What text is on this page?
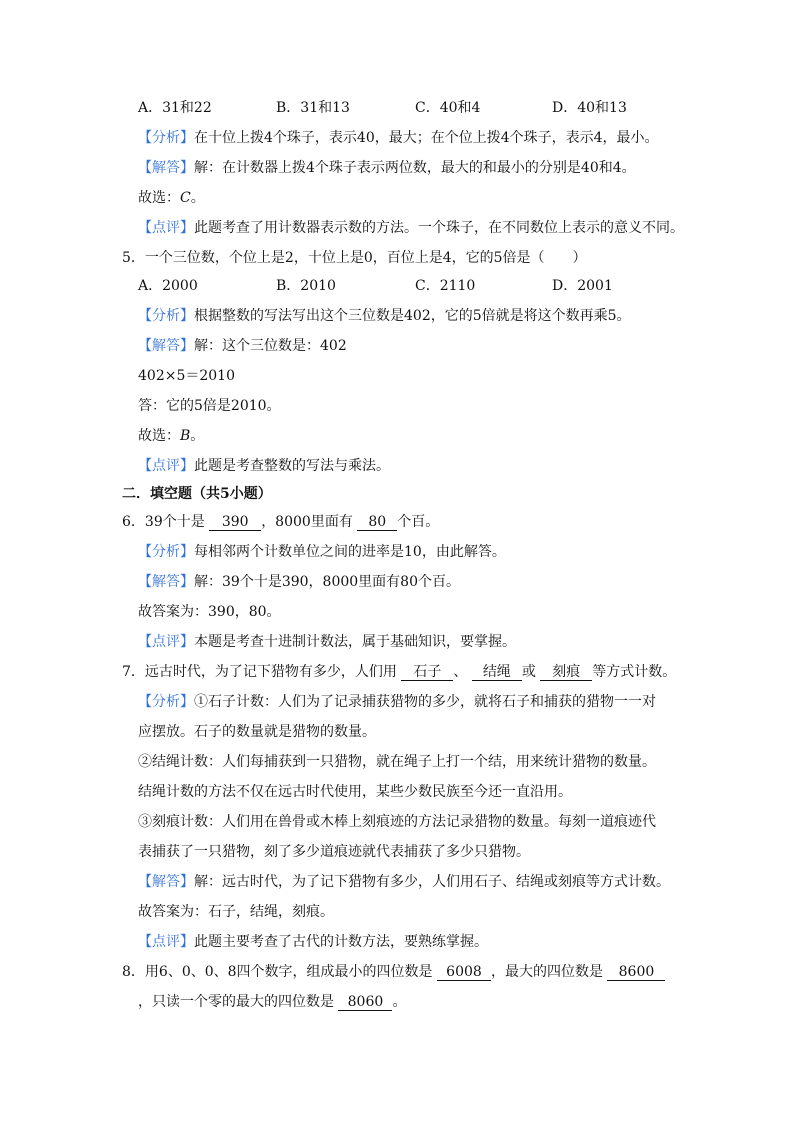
A．31和22	B．31和13	C．40和4	D．40和13
【分析】在十位上拨4个珠子，表示40，最大；在个位上拨4个珠子，表示4，最小。
【解答】解：在计数器上拨4个珠子表示两位数，最大的和最小的分别是40和4。
故选：C。
【点评】此题考查了用计数器表示数的方法。一个珠子，在不同数位上表示的意义不同。
5．一个三位数，个位上是2，十位上是0，百位上是4，它的5倍是（　　）
A．2000	B．2010	C．2110	D．2001
【分析】根据整数的写法写出这个三位数是402，它的5倍就是将这个数再乘5。
【解答】解：这个三位数是：402
402×5＝2010
答：它的5倍是2010。
故选：B。
【点评】此题是考查整数的写法与乘法。
二．填空题（共5小题）
6．39个十是 390 ，8000里面有 80 个百。
【分析】每相邻两个计数单位之间的进率是10，由此解答。
【解答】解：39个十是390，8000里面有80个百。
故答案为：390，80。
【点评】本题是考查十进制计数法，属于基础知识，要掌握。
7．远古时代，为了记下猎物有多少，人们用 石子 、 结绳 或 刻痕 等方式计数。
【分析】①石子计数：人们为了记录捕获猎物的多少，就将石子和捕获的猎物一一对
应摆放。石子的数量就是猎物的数量。
②结绳计数：人们每捕获到一只猎物，就在绳子上打一个结，用来统计猎物的数量。
结绳计数的方法不仅在远古时代使用，某些少数民族至今还一直沿用。
③刻痕计数：人们用在兽骨或木棒上刻痕迹的方法记录猎物的数量。每刻一道痕迹代
表捕获了一只猎物，刻了多少道痕迹就代表捕获了多少只猎物。
【解答】解：远古时代，为了记下猎物有多少，人们用石子、结绳或刻痕等方式计数。
故答案为：石子，结绳，刻痕。
【点评】此题主要考查了古代的计数方法，要熟练掌握。
8．用6、0、0、8四个数字，组成最小的四位数是 6008 ，最大的四位数是 8600
，只读一个零的最大的四位数是 8060 。
